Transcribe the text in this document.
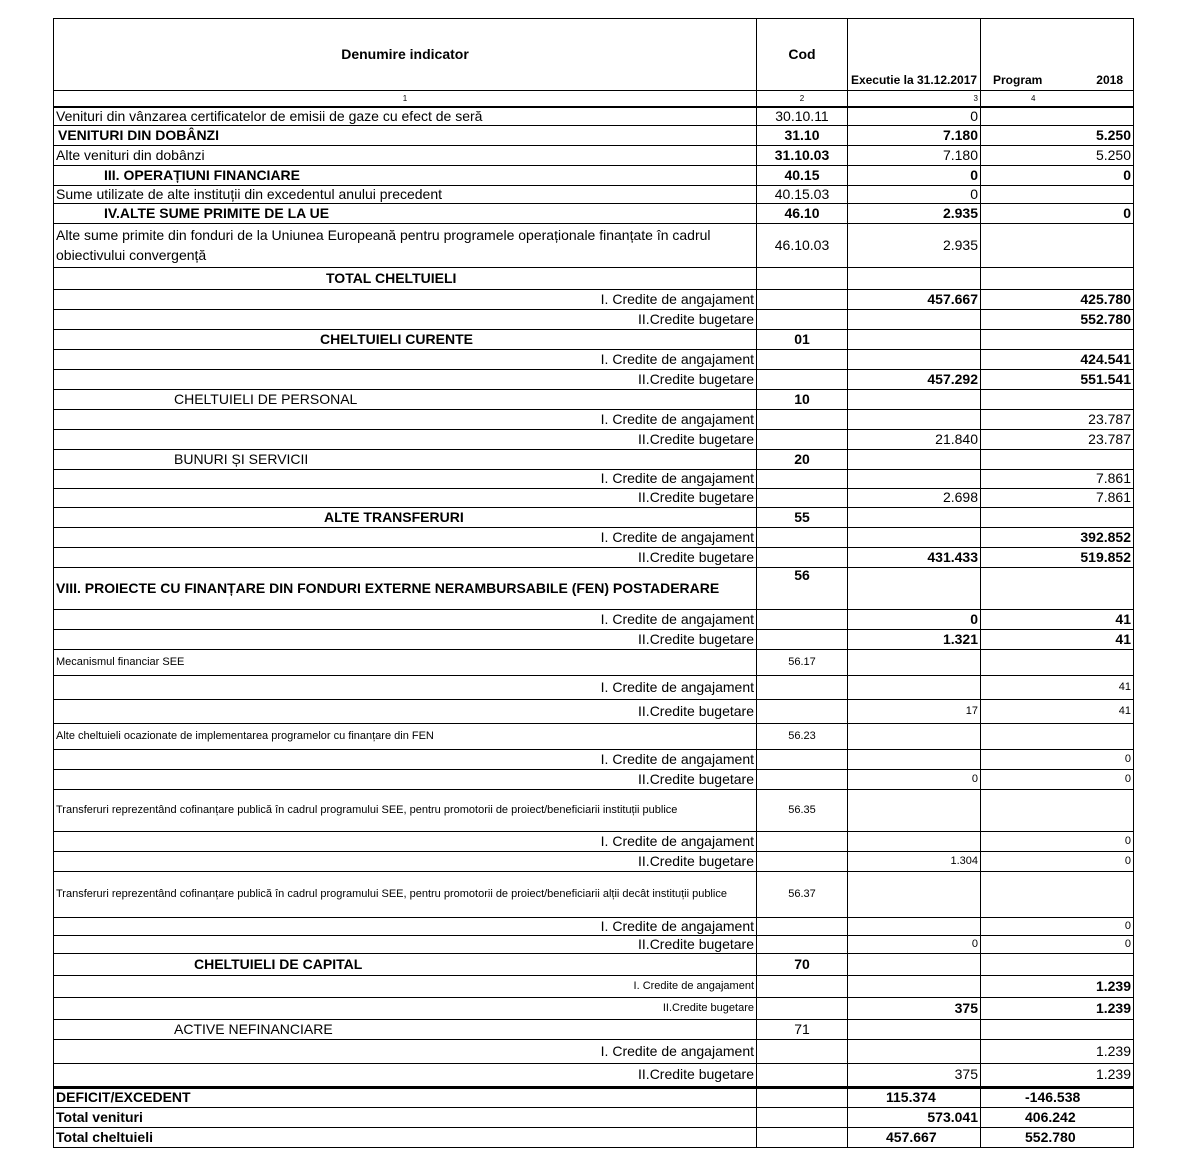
Denumire indicator	Cod	Executie la 31.12.2017	Program 2018

1	2	3	4
Venituri din vânzarea certificatelor de emisii de gaze cu efect de seră	30.10.11	0	
VENITURI DIN DOBÂNZI	31.10	7.180	5.250
Alte venituri din dobânzi	31.10.03	7.180	5.250
III. OPERAȚIUNI FINANCIARE	40.15	0	0
Sume utilizate de alte instituții din excedentul anului precedent	40.15.03	0	
IV.ALTE SUME PRIMITE DE LA UE	46.10	2.935	0
Alte sume primite din fonduri de la Uniunea Europeană pentru programele operaționale finanțate în cadrul obiectivului convergență	46.10.03	2.935	
TOTAL CHELTUIELI			
I. Credite de angajament		457.667	425.780
II.Credite bugetare			552.780
CHELTUIELI CURENTE	01		
I. Credite de angajament			424.541
II.Credite bugetare		457.292	551.541
CHELTUIELI DE PERSONAL	10		
I. Credite de angajament			23.787
II.Credite bugetare		21.840	23.787
BUNURI ȘI SERVICII	20		
I. Credite de angajament			7.861
II.Credite bugetare		2.698	7.861
ALTE TRANSFERURI	55		
I. Credite de angajament			392.852
II.Credite bugetare		431.433	519.852
VIII. PROIECTE CU FINANȚARE DIN FONDURI EXTERNE NERAMBURSABILE (FEN) POSTADERARE	56		
I. Credite de angajament		0	41
II.Credite bugetare		1.321	41
Mecanismul financiar SEE	56.17		
I. Credite de angajament			41
II.Credite bugetare		17	41
Alte cheltuieli ocazionate de implementarea programelor cu finanțare din FEN	56.23		
I. Credite de angajament			0
II.Credite bugetare		0	0
Transferuri reprezentând cofinanțare publică în cadrul programului SEE, pentru promotorii de proiect/beneficiarii instituții publice	56.35		
I. Credite de angajament			0
II.Credite bugetare		1.304	0
Transferuri reprezentând cofinanțare publică în cadrul programului SEE, pentru promotorii de proiect/beneficiarii alții decât instituții publice	56.37		
I. Credite de angajament			0
II.Credite bugetare		0	0
CHELTUIELI DE CAPITAL	70		
I. Credite de angajament			1.239
II.Credite bugetare		375	1.239
ACTIVE NEFINANCIARE	71		
I. Credite de angajament			1.239
II.Credite bugetare		375	1.239
DEFICIT/EXCEDENT		115.374	-146.538
Total venituri		573.041	406.242
Total cheltuieli		457.667	552.780
